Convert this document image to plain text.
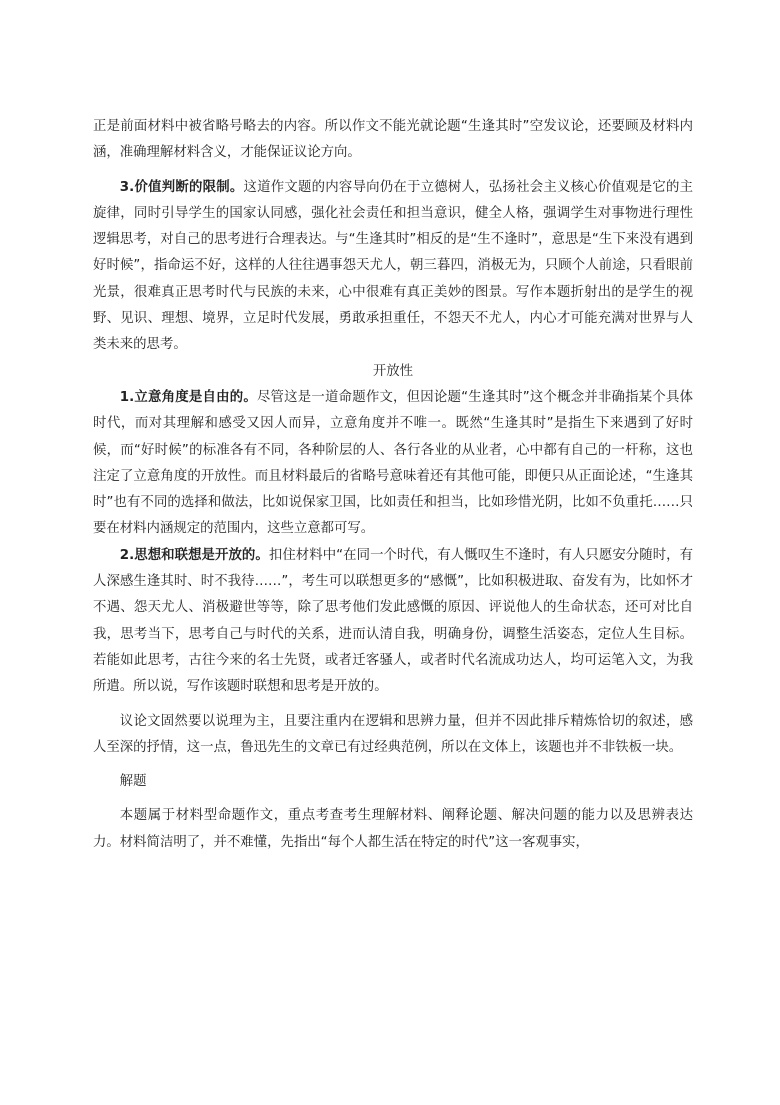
正是前面材料中被省略号略去的内容。所以作文不能光就论题“生逢其时”空发议论，还要顾及材料内涵，准确理解材料含义，才能保证议论方向。

3.价值判断的限制。这道作文题的内容导向仍在于立德树人，弘扬社会主义核心价值观是它的主旋律，同时引导学生的国家认同感，强化社会责任和担当意识，健全人格，强调学生对事物进行理性逻辑思考，对自己的思考进行合理表达。与“生逢其时”相反的是“生不逢时”，意思是“生下来没有遇到好时候”，指命运不好，这样的人往往遇事怨天尤人，朝三暮四，消极无为，只顾个人前途，只看眼前光景，很难真正思考时代与民族的未来，心中很难有真正美妙的图景。写作本题折射出的是学生的视野、见识、理想、境界，立足时代发展，勇敢承担重任，不怨天不尤人，内心才可能充满对世界与人类未来的思考。

开放性

1.立意角度是自由的。尽管这是一道命题作文，但因论题“生逢其时”这个概念并非确指某个具体时代，而对其理解和感受又因人而异，立意角度并不唯一。既然“生逢其时”是指生下来遇到了好时候，而“好时候”的标准各有不同，各种阶层的人、各行各业的从业者，心中都有自己的一杆称，这也注定了立意角度的开放性。而且材料最后的省略号意味着还有其他可能，即便只从正面论述，“生逢其时”也有不同的选择和做法，比如说保家卫国，比如责任和担当，比如珍惜光阴，比如不负重托……只要在材料内涵规定的范围内，这些立意都可写。

2.思想和联想是开放的。扣住材料中“在同一个时代，有人慨叹生不逢时，有人只愿安分随时，有人深感生逢其时、时不我待……”，考生可以联想更多的“感慨”，比如积极进取、奋发有为，比如怀才不遇、怨天尤人、消极避世等等，除了思考他们发此感慨的原因、评说他人的生命状态，还可对比自我，思考当下，思考自己与时代的关系，进而认清自我，明确身份，调整生活姿态，定位人生目标。若能如此思考，古往今来的名士先贤，或者迁客骚人，或者时代名流成功达人，均可运笔入文，为我所遣。所以说，写作该题时联想和思考是开放的。

议论文固然要以说理为主，且要注重内在逻辑和思辨力量，但并不因此排斥精炼恰切的叙述，感人至深的抒情，这一点，鲁迅先生的文章已有过经典范例，所以在文体上，该题也并不非铁板一块。

解题

本题属于材料型命题作文，重点考查考生理解材料、阐释论题、解决问题的能力以及思辨表达力。材料简洁明了，并不难懂，先指出“每个人都生活在特定的时代”这一客观事实，
